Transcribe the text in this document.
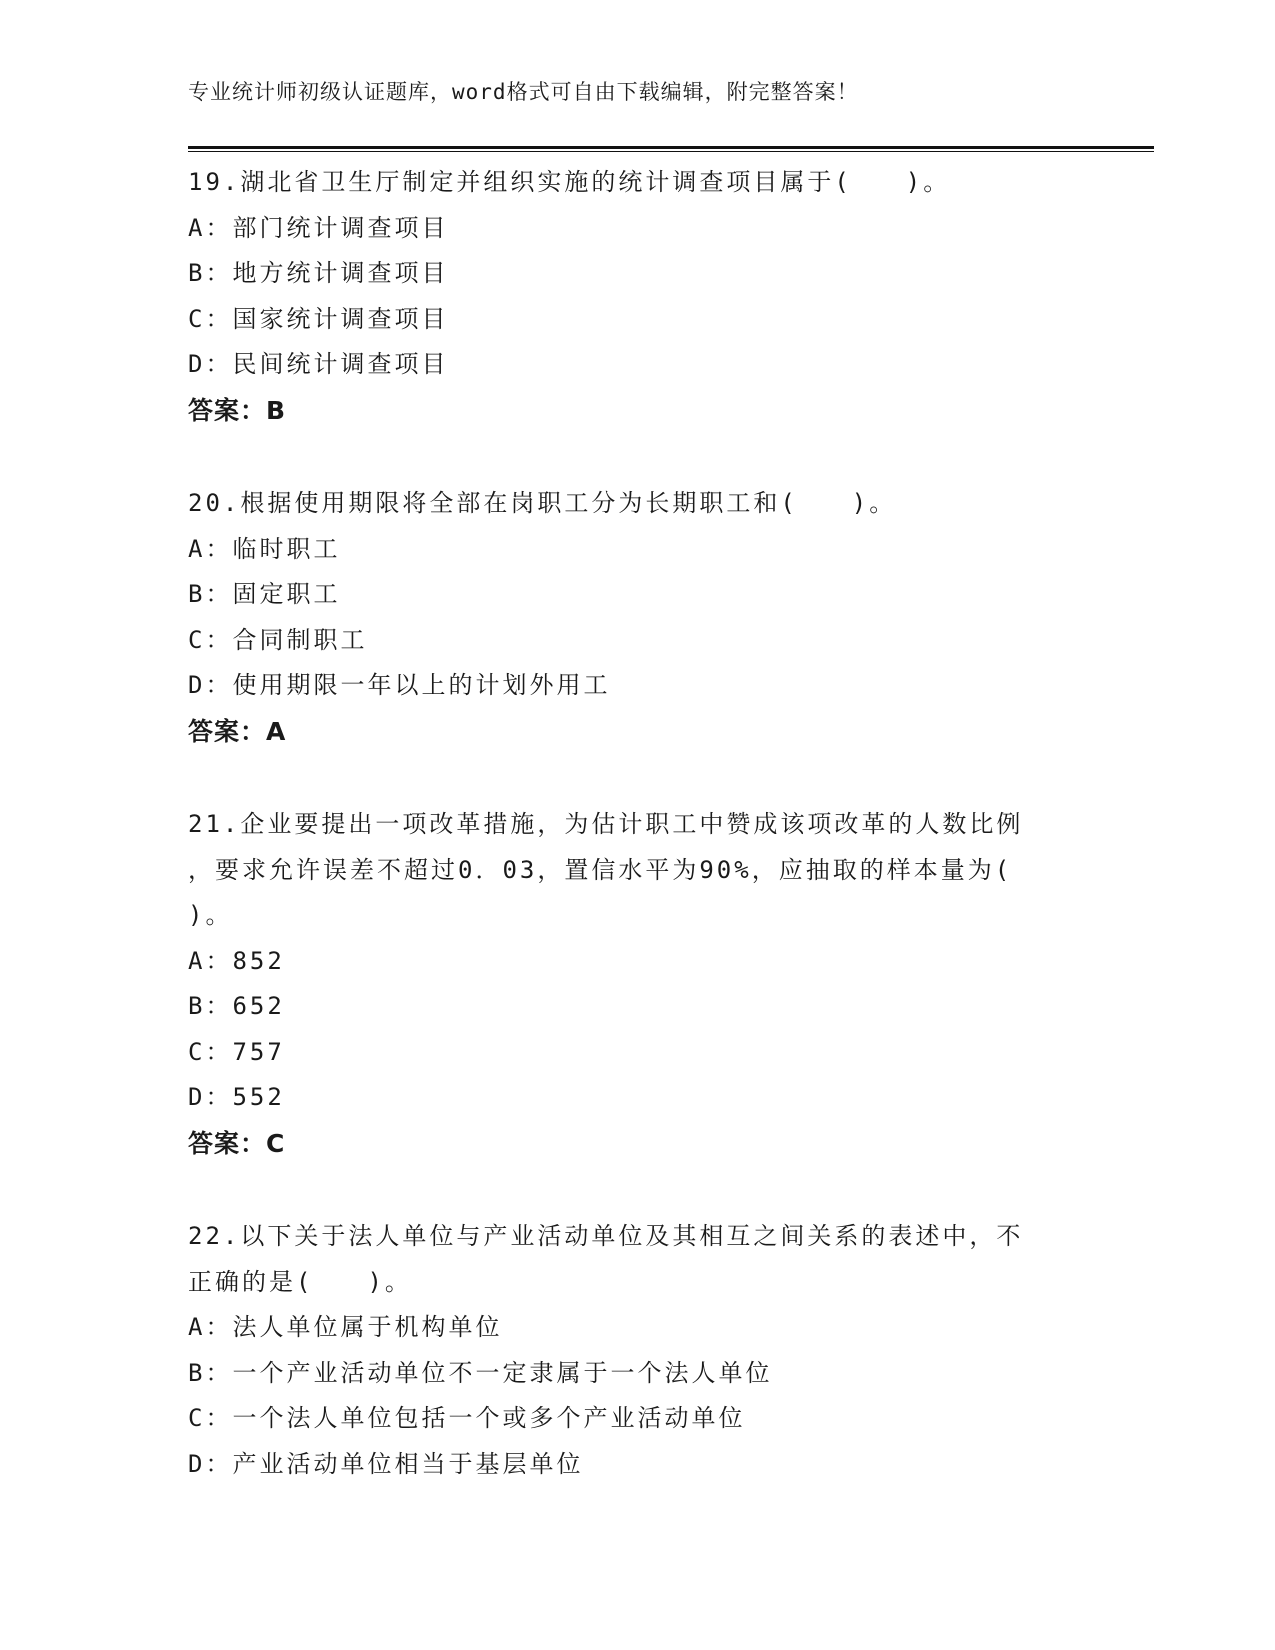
专业统计师初级认证题库，word格式可自由下载编辑，附完整答案！

19.湖北省卫生厅制定并组织实施的统计调查项目属于(　　)。

A：部门统计调查项目

B：地方统计调查项目

C：国家统计调查项目

D：民间统计调查项目

答案：B

20.根据使用期限将全部在岗职工分为长期职工和(　　)。

A：临时职工

B：固定职工

C：合同制职工

D：使用期限一年以上的计划外用工

答案：A

21.企业要提出一项改革措施，为估计职工中赞成该项改革的人数比例

，要求允许误差不超过0．03，置信水平为90%，应抽取的样本量为(

)。

A：852

B：652

C：757

D：552

答案：C

22.以下关于法人单位与产业活动单位及其相互之间关系的表述中，不

正确的是(　　)。

A：法人单位属于机构单位

B：一个产业活动单位不一定隶属于一个法人单位

C：一个法人单位包括一个或多个产业活动单位

D：产业活动单位相当于基层单位
